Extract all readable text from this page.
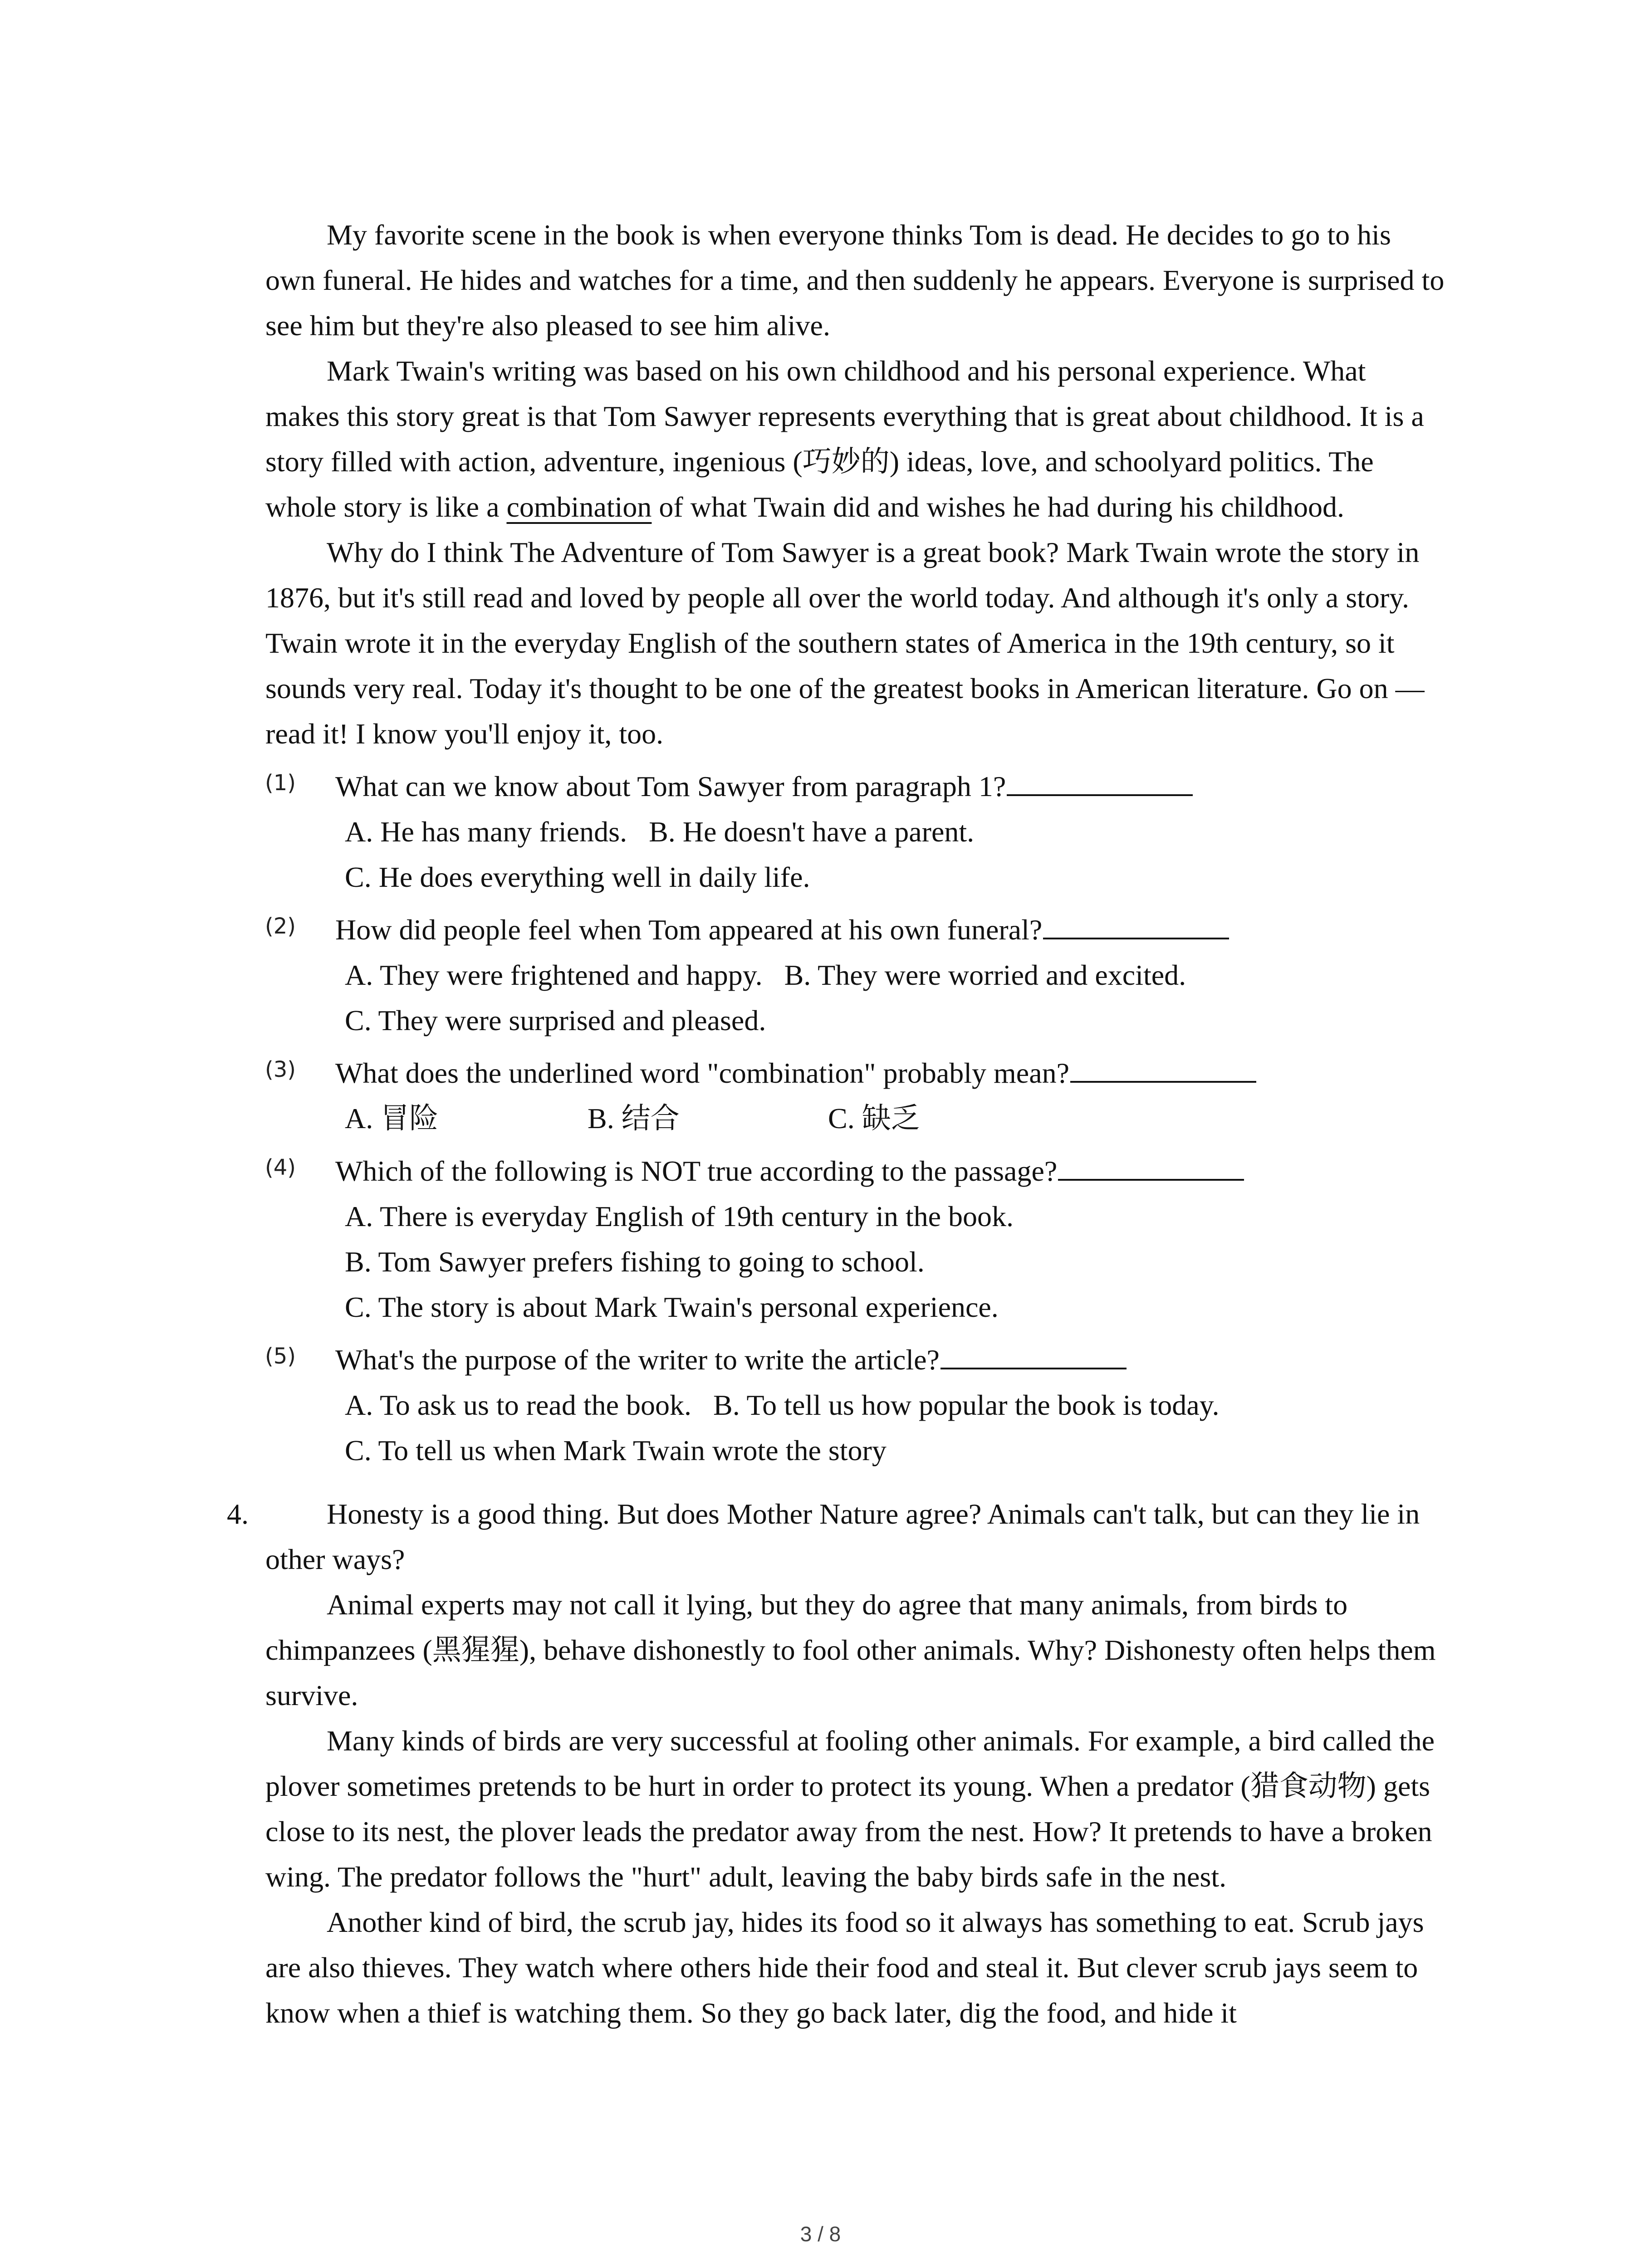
My favorite scene in the book is when everyone thinks Tom is dead. He decides to go to his own funeral. He hides and watches for a time, and then suddenly he appears. Everyone is surprised to see him but they're also pleased to see him alive.

Mark Twain's writing was based on his own childhood and his personal experience. What makes this story great is that Tom Sawyer represents everything that is great about childhood. It is a story filled with action, adventure, ingenious (巧妙的) ideas, love, and schoolyard politics. The whole story is like a combination of what Twain did and wishes he had during his childhood.

Why do I think The Adventure of Tom Sawyer is a great book? Mark Twain wrote the story in 1876, but it's still read and loved by people all over the world today. And although it's only a story. Twain wrote it in the everyday English of the southern states of America in the 19th century, so it sounds very real. Today it's thought to be one of the greatest books in American literature. Go on — read it! I know you'll enjoy it, too.

(1)	What can we know about Tom Sawyer from paragraph 1?

A. He has many friends.   B. He doesn't have a parent.

C. He does everything well in daily life.

(2)	How did people feel when Tom appeared at his own funeral?

A. They were frightened and happy.   B. They were worried and excited.

C. They were surprised and pleased.

(3)	What does the underlined word "combination" probably mean?

A. 冒险	B. 结合	C. 缺乏

(4)	Which of the following is NOT true according to the passage?

A. There is everyday English of 19th century in the book.

B. Tom Sawyer prefers fishing to going to school.

C. The story is about Mark Twain's personal experience.

(5)	What's the purpose of the writer to write the article?

A. To ask us to read the book.   B. To tell us how popular the book is today.

C. To tell us when Mark Twain wrote the story

4.	Honesty is a good thing. But does Mother Nature agree? Animals can't talk, but can they lie in other ways?

Animal experts may not call it lying, but they do agree that many animals, from birds to chimpanzees (黑猩猩), behave dishonestly to fool other animals. Why? Dishonesty often helps them survive.

Many kinds of birds are very successful at fooling other animals. For example, a bird called the plover sometimes pretends to be hurt in order to protect its young. When a predator (猎食动物) gets close to its nest, the plover leads the predator away from the nest. How? It pretends to have a broken wing. The predator follows the "hurt" adult, leaving the baby birds safe in the nest.

Another kind of bird, the scrub jay, hides its food so it always has something to eat. Scrub jays are also thieves. They watch where others hide their food and steal it. But clever scrub jays seem to know when a thief is watching them. So they go back later, dig the food, and hide it

3 / 8
